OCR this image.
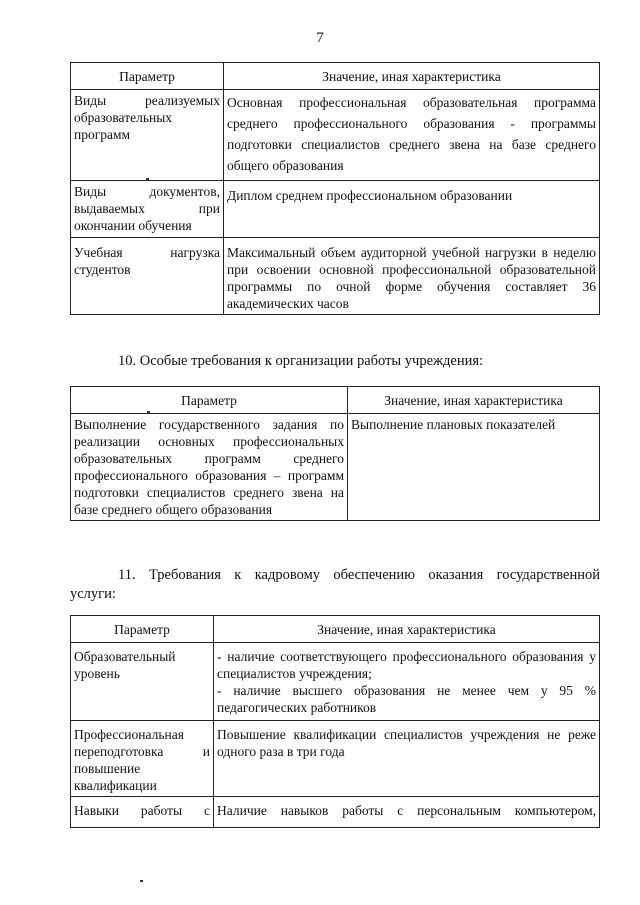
7
Параметр	Значение, иная характеристика
Виды реализуемых образовательных программ	Основная профессиональная образовательная программа среднего профессионального образования - программы подготовки специалистов среднего звена на базе среднего общего образования
Виды документов, выдаваемых при окончании обучения	Диплом среднем профессиональном образовании
Учебная нагрузка студентов	Максимальный объем аудиторной учебной нагрузки в неделю при освоении основной профессиональной образовательной программы по очной форме обучения составляет 36 академических часов
10. Особые требования к организации работы учреждения:
Параметр	Значение, иная характеристика
Выполнение государственного задания по реализации основных профессиональных образовательных программ среднего профессионального образования – программ подготовки специалистов среднего звена на базе среднего общего образования	Выполнение плановых показателей
11. Требования к кадровому обеспечению оказания государственной
услуги:
Параметр	Значение, иная характеристика
Образовательный уровень	- наличие соответствующего профессионального образования у специалистов учреждения;
- наличие высшего образования не менее чем у 95 % педагогических работников

Профессиональная переподготовка и повышение квалификации	Повышение квалификации специалистов учреждения не реже одного раза в три года
Навыки работы с	Наличие навыков работы с персональным компьютером,
